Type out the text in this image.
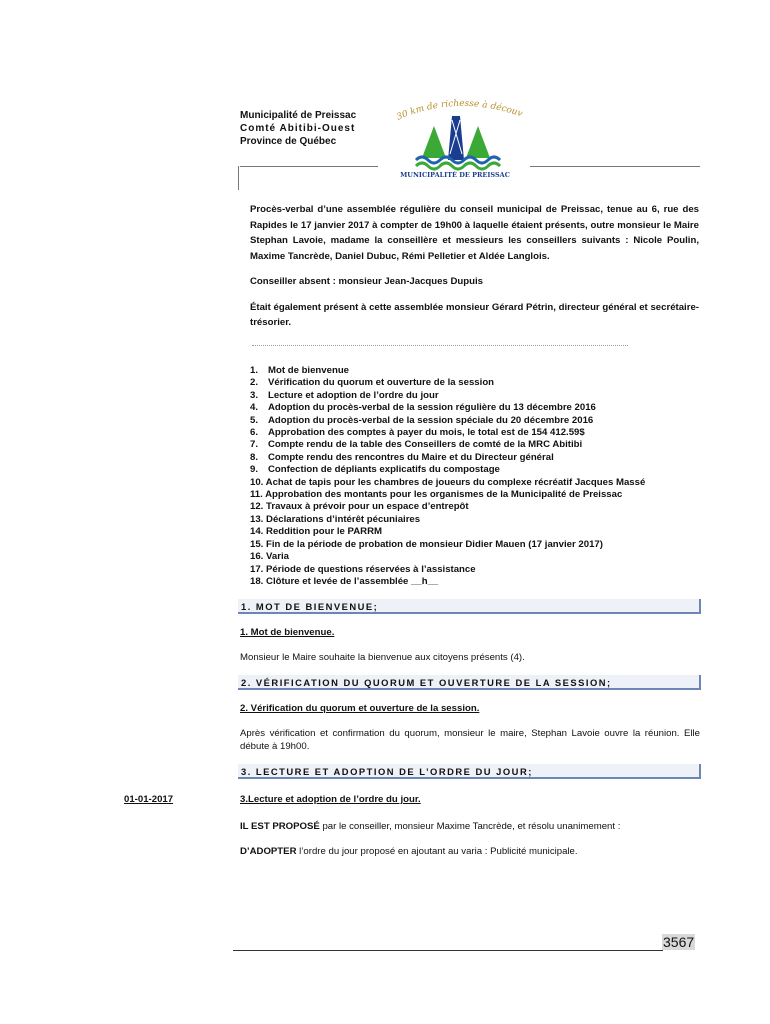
Municipalité de Preissac
Comté Abitibi-Ouest
Province de Québec
30 km de richesse à découv
MUNICIPALITÉ DE PREISSAC

Procès-verbal d’une assemblée régulière du conseil municipal de Preissac, tenue au 6, rue des Rapides le 17 janvier 2017 à compter de 19h00 à laquelle étaient présents, outre monsieur le Maire Stephan Lavoie, madame la conseillère et messieurs les conseillers suivants : Nicole Poulin, Maxime Tancrède, Daniel Dubuc, Rémi Pelletier et Aldée Langlois.

Conseiller absent : monsieur Jean-Jacques Dupuis

Était également présent à cette assemblée monsieur Gérard Pétrin, directeur général et secrétaire-trésorier.

1. Mot de bienvenue
2. Vérification du quorum et ouverture de la session
3. Lecture et adoption de l’ordre du jour
4. Adoption du procès-verbal de la session régulière du 13 décembre 2016
5. Adoption du procès-verbal de la session spéciale du 20 décembre 2016
6. Approbation des comptes à payer du mois, le total est de 154 412.59$
7. Compte rendu de la table des Conseillers de comté de la MRC Abitibi
8. Compte rendu des rencontres du Maire et du Directeur général
9. Confection de dépliants explicatifs du compostage
10. Achat de tapis pour les chambres de joueurs du complexe récréatif Jacques Massé
11. Approbation des montants pour les organismes de la Municipalité de Preissac
12. Travaux à prévoir pour un espace d’entrepôt
13. Déclarations d’intérêt pécuniaires
14. Reddition pour le PARRM
15. Fin de la période de probation de monsieur Didier Mauen (17 janvier 2017)
16. Varia
17. Période de questions réservées à l’assistance
18. Clôture et levée de l’assemblée __h__
1. MOT DE BIENVENUE;
1. Mot de bienvenue.
Monsieur le Maire souhaite la bienvenue aux citoyens présents (4).
2. VÉRIFICATION DU QUORUM ET OUVERTURE DE LA SESSION;
2. Vérification du quorum et ouverture de la session.
Après vérification et confirmation du quorum, monsieur le maire, Stephan Lavoie ouvre la réunion. Elle débute à 19h00.
3. LECTURE ET ADOPTION DE L’ORDRE DU JOUR;
01-01-2017	3.Lecture et adoption de l’ordre du jour.
IL EST PROPOSÉ par le conseiller, monsieur Maxime Tancrède, et résolu unanimement :
D’ADOPTER l’ordre du jour proposé en ajoutant au varia : Publicité municipale.
3567
